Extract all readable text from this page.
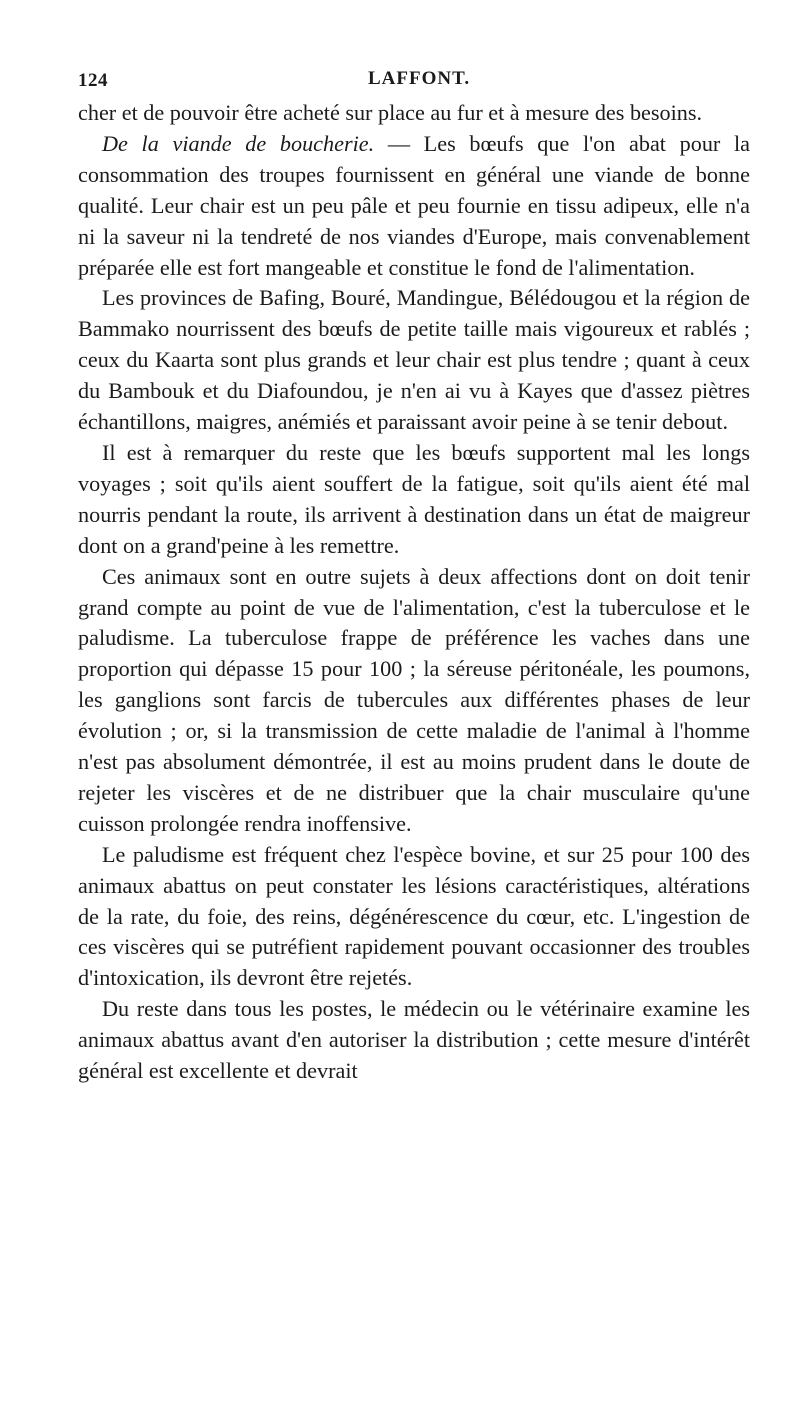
124	LAFFONT.

cher et de pouvoir être acheté sur place au fur et à mesure des besoins.

De la viande de boucherie. — Les bœufs que l'on abat pour la consommation des troupes fournissent en général une viande de bonne qualité. Leur chair est un peu pâle et peu fournie en tissu adipeux, elle n'a ni la saveur ni la tendreté de nos viandes d'Europe, mais convenablement préparée elle est fort mangeable et constitue le fond de l'alimentation.

Les provinces de Bafing, Bouré, Mandingue, Bélédougou et la région de Bammako nourrissent des bœufs de petite taille mais vigoureux et rablés ; ceux du Kaarta sont plus grands et leur chair est plus tendre ; quant à ceux du Bambouk et du Diafoundou, je n'en ai vu à Kayes que d'assez piètres échantillons, maigres, anémiés et paraissant avoir peine à se tenir debout.

Il est à remarquer du reste que les bœufs supportent mal les longs voyages ; soit qu'ils aient souffert de la fatigue, soit qu'ils aient été mal nourris pendant la route, ils arrivent à destination dans un état de maigreur dont on a grand'peine à les remettre.

Ces animaux sont en outre sujets à deux affections dont on doit tenir grand compte au point de vue de l'alimentation, c'est la tuberculose et le paludisme. La tuberculose frappe de préférence les vaches dans une proportion qui dépasse 15 pour 100 ; la séreuse péritonéale, les poumons, les ganglions sont farcis de tubercules aux différentes phases de leur évolution ; or, si la transmission de cette maladie de l'animal à l'homme n'est pas absolument démontrée, il est au moins prudent dans le doute de rejeter les viscères et de ne distribuer que la chair musculaire qu'une cuisson prolongée rendra inoffensive.

Le paludisme est fréquent chez l'espèce bovine, et sur 25 pour 100 des animaux abattus on peut constater les lésions caractéristiques, altérations de la rate, du foie, des reins, dégénérescence du cœur, etc. L'ingestion de ces viscères qui se putréfient rapidement pouvant occasionner des troubles d'intoxication, ils devront être rejetés.

Du reste dans tous les postes, le médecin ou le vétérinaire examine les animaux abattus avant d'en autoriser la distribution ; cette mesure d'intérêt général est excellente et devrait
